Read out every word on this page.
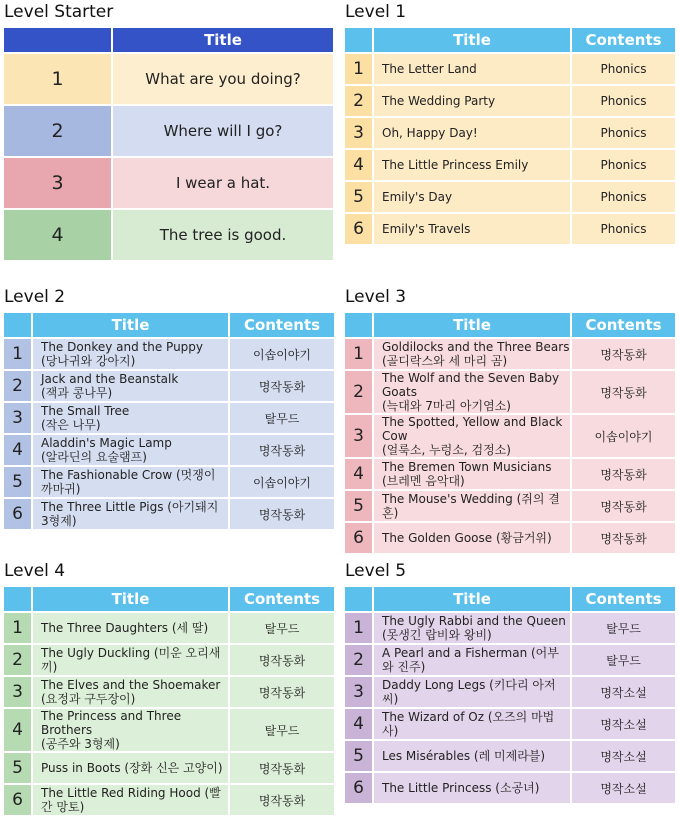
Level Starter
	Title
1	What are you doing?
2	Where will I go?
3	I wear a hat.
4	The tree is good.
Level 1
	Title	Contents
1	The Letter Land	Phonics
2	The Wedding Party	Phonics
3	Oh, Happy Day!	Phonics
4	The Little Princess Emily	Phonics
5	Emily's Day	Phonics
6	Emily's Travels	Phonics
Level 2
	Title	Contents
1	The Donkey and the Puppy
(당나귀와 강아지)	이솝이야기
2	Jack and the Beanstalk
(잭과 콩나무)	명작동화
3	The Small Tree
(작은 나무)	탈무드
4	Aladdin's Magic Lamp
(알라딘의 요술램프)	명작동화
5	The Fashionable Crow (멋쟁이 까마귀)	이솝이야기
6	The Three Little Pigs (아기돼지 3형제)	명작동화
Level 3
	Title	Contents
1	Goldilocks and the Three Bears
(골디락스와 세 마리 곰)	명작동화
2	The Wolf and the Seven Baby Goats
(늑대와 7마리 아기염소)	명작동화
3	The Spotted, Yellow and Black Cow
(얼룩소, 누렁소, 검정소)	이솝이야기
4	The Bremen Town Musicians
(브레멘 음악대)	명작동화
5	The Mouse's Wedding (쥐의 결혼)	명작동화
6	The Golden Goose (황금거위)	명작동화
Level 4
	Title	Contents
1	The Three Daughters (세 딸)	탈무드
2	The Ugly Duckling (미운 오리새끼)	명작동화
3	The Elves and the Shoemaker
(요정과 구두장이)	명작동화
4	The Princess and Three Brothers
(공주와 3형제)	탈무드
5	Puss in Boots (장화 신은 고양이)	명작동화
6	The Little Red Riding Hood (빨간 망토)	명작동화
Level 5
	Title	Contents
1	The Ugly Rabbi and the Queen
(못생긴 랍비와 왕비)	탈무드
2	A Pearl and a Fisherman (어부와 진주)	탈무드
3	Daddy Long Legs (키다리 아저씨)	명작소설
4	The Wizard of Oz (오즈의 마법사)	명작소설
5	Les Misérables (레 미제라블)	명작소설
6	The Little Princess (소공녀)	명작소설
